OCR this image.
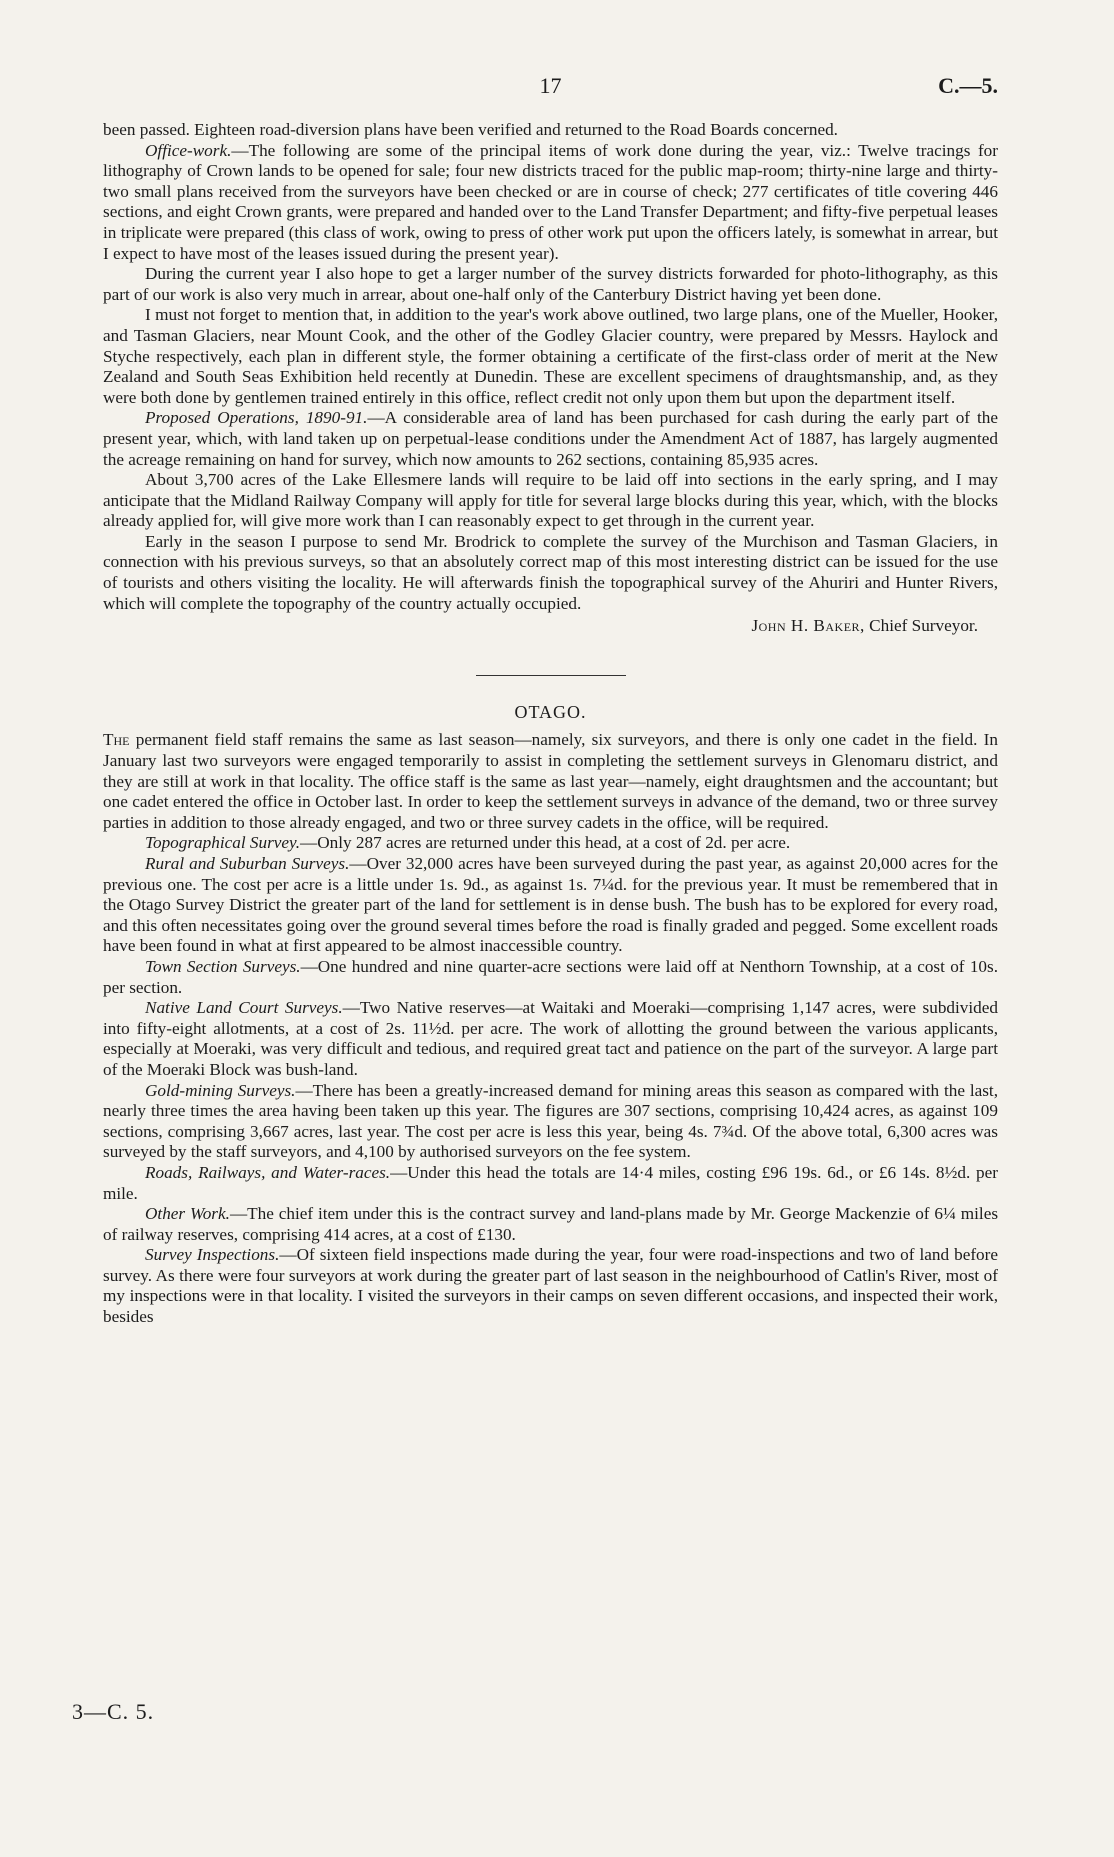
17	C.—5.

been passed. Eighteen road-diversion plans have been verified and returned to the Road Boards concerned.

Office-work.—The following are some of the principal items of work done during the year, viz.: Twelve tracings for lithography of Crown lands to be opened for sale; four new districts traced for the public map-room; thirty-nine large and thirty-two small plans received from the surveyors have been checked or are in course of check; 277 certificates of title covering 446 sections, and eight Crown grants, were prepared and handed over to the Land Transfer Department; and fifty-five perpetual leases in triplicate were prepared (this class of work, owing to press of other work put upon the officers lately, is somewhat in arrear, but I expect to have most of the leases issued during the present year).

During the current year I also hope to get a larger number of the survey districts forwarded for photo-lithography, as this part of our work is also very much in arrear, about one-half only of the Canterbury District having yet been done.

I must not forget to mention that, in addition to the year's work above outlined, two large plans, one of the Mueller, Hooker, and Tasman Glaciers, near Mount Cook, and the other of the Godley Glacier country, were prepared by Messrs. Haylock and Styche respectively, each plan in different style, the former obtaining a certificate of the first-class order of merit at the New Zealand and South Seas Exhibition held recently at Dunedin. These are excellent specimens of draughtsmanship, and, as they were both done by gentlemen trained entirely in this office, reflect credit not only upon them but upon the department itself.

Proposed Operations, 1890-91.—A considerable area of land has been purchased for cash during the early part of the present year, which, with land taken up on perpetual-lease conditions under the Amendment Act of 1887, has largely augmented the acreage remaining on hand for survey, which now amounts to 262 sections, containing 85,935 acres.

About 3,700 acres of the Lake Ellesmere lands will require to be laid off into sections in the early spring, and I may anticipate that the Midland Railway Company will apply for title for several large blocks during this year, which, with the blocks already applied for, will give more work than I can reasonably expect to get through in the current year.

Early in the season I purpose to send Mr. Brodrick to complete the survey of the Murchison and Tasman Glaciers, in connection with his previous surveys, so that an absolutely correct map of this most interesting district can be issued for the use of tourists and others visiting the locality. He will afterwards finish the topographical survey of the Ahuriri and Hunter Rivers, which will complete the topography of the country actually occupied.

John H. Baker, Chief Surveyor.
OTAGO.

The permanent field staff remains the same as last season—namely, six surveyors, and there is only one cadet in the field. In January last two surveyors were engaged temporarily to assist in completing the settlement surveys in Glenomaru district, and they are still at work in that locality. The office staff is the same as last year—namely, eight draughtsmen and the accountant; but one cadet entered the office in October last. In order to keep the settlement surveys in advance of the demand, two or three survey parties in addition to those already engaged, and two or three survey cadets in the office, will be required.

Topographical Survey.—Only 287 acres are returned under this head, at a cost of 2d. per acre.

Rural and Suburban Surveys.—Over 32,000 acres have been surveyed during the past year, as against 20,000 acres for the previous one. The cost per acre is a little under 1s. 9d., as against 1s. 7¼d. for the previous year. It must be remembered that in the Otago Survey District the greater part of the land for settlement is in dense bush. The bush has to be explored for every road, and this often necessitates going over the ground several times before the road is finally graded and pegged. Some excellent roads have been found in what at first appeared to be almost inaccessible country.

Town Section Surveys.—One hundred and nine quarter-acre sections were laid off at Nenthorn Township, at a cost of 10s. per section.

Native Land Court Surveys.—Two Native reserves—at Waitaki and Moeraki—comprising 1,147 acres, were subdivided into fifty-eight allotments, at a cost of 2s. 11½d. per acre. The work of allotting the ground between the various applicants, especially at Moeraki, was very difficult and tedious, and required great tact and patience on the part of the surveyor. A large part of the Moeraki Block was bush-land.

Gold-mining Surveys.—There has been a greatly-increased demand for mining areas this season as compared with the last, nearly three times the area having been taken up this year. The figures are 307 sections, comprising 10,424 acres, as against 109 sections, comprising 3,667 acres, last year. The cost per acre is less this year, being 4s. 7¾d. Of the above total, 6,300 acres was surveyed by the staff surveyors, and 4,100 by authorised surveyors on the fee system.

Roads, Railways, and Water-races.—Under this head the totals are 14·4 miles, costing £96 19s. 6d., or £6 14s. 8½d. per mile.

Other Work.—The chief item under this is the contract survey and land-plans made by Mr. George Mackenzie of 6¼ miles of railway reserves, comprising 414 acres, at a cost of £130.

Survey Inspections.—Of sixteen field inspections made during the year, four were road-inspections and two of land before survey. As there were four surveyors at work during the greater part of last season in the neighbourhood of Catlin's River, most of my inspections were in that locality. I visited the surveyors in their camps on seven different occasions, and inspected their work, besides

3—C. 5.
